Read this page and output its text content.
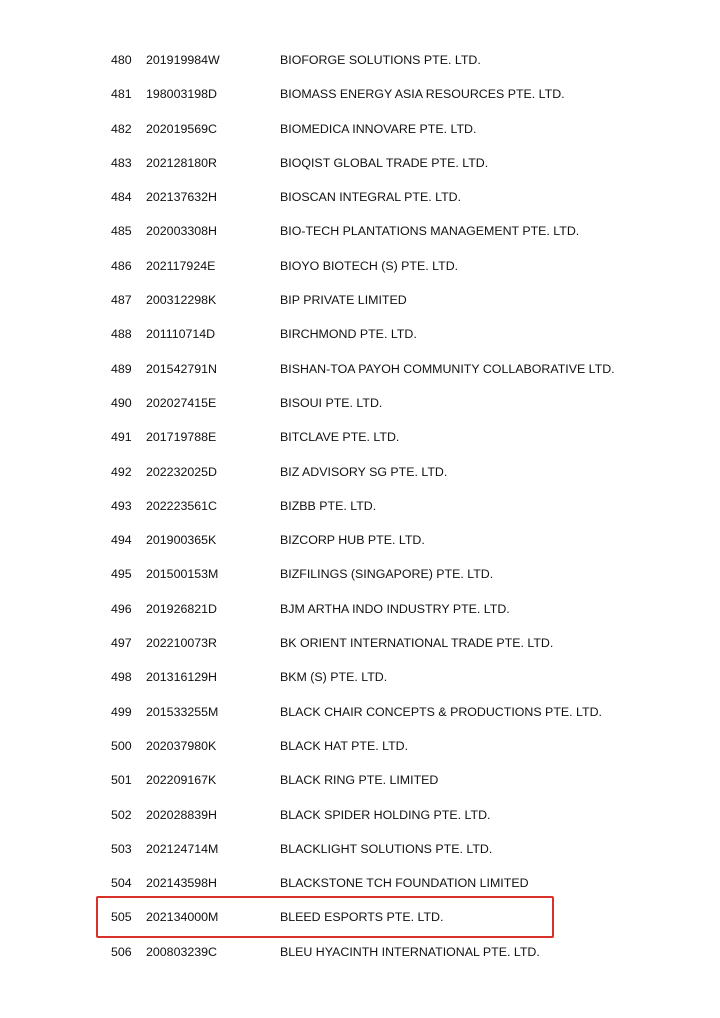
480 201919984W	BIOFORGE SOLUTIONS PTE. LTD.
481 198003198D	BIOMASS ENERGY ASIA RESOURCES PTE. LTD.
482 202019569C	BIOMEDICA INNOVARE PTE. LTD.
483 202128180R	BIOQIST GLOBAL TRADE PTE. LTD.
484 202137632H	BIOSCAN INTEGRAL PTE. LTD.
485 202003308H	BIO-TECH PLANTATIONS MANAGEMENT PTE. LTD.
486 202117924E	BIOYO BIOTECH (S) PTE. LTD.
487 200312298K	BIP PRIVATE LIMITED
488 201110714D	BIRCHMOND PTE. LTD.
489 201542791N	BISHAN-TOA PAYOH COMMUNITY COLLABORATIVE LTD.
490 202027415E	BISOUI PTE. LTD.
491 201719788E	BITCLAVE PTE. LTD.
492 202232025D	BIZ ADVISORY SG PTE. LTD.
493 202223561C	BIZBB PTE. LTD.
494 201900365K	BIZCORP HUB PTE. LTD.
495 201500153M	BIZFILINGS (SINGAPORE) PTE. LTD.
496 201926821D	BJM ARTHA INDO INDUSTRY PTE. LTD.
497 202210073R	BK ORIENT INTERNATIONAL TRADE PTE. LTD.
498 201316129H	BKM (S) PTE. LTD.
499 201533255M	BLACK CHAIR CONCEPTS & PRODUCTIONS PTE. LTD.
500 202037980K	BLACK HAT PTE. LTD.
501 202209167K	BLACK RING PTE. LIMITED
502 202028839H	BLACK SPIDER HOLDING PTE. LTD.
503 202124714M	BLACKLIGHT SOLUTIONS PTE. LTD.
504 202143598H	BLACKSTONE TCH FOUNDATION LIMITED
505 202134000M	BLEED ESPORTS PTE. LTD.
506 200803239C	BLEU HYACINTH INTERNATIONAL PTE. LTD.
